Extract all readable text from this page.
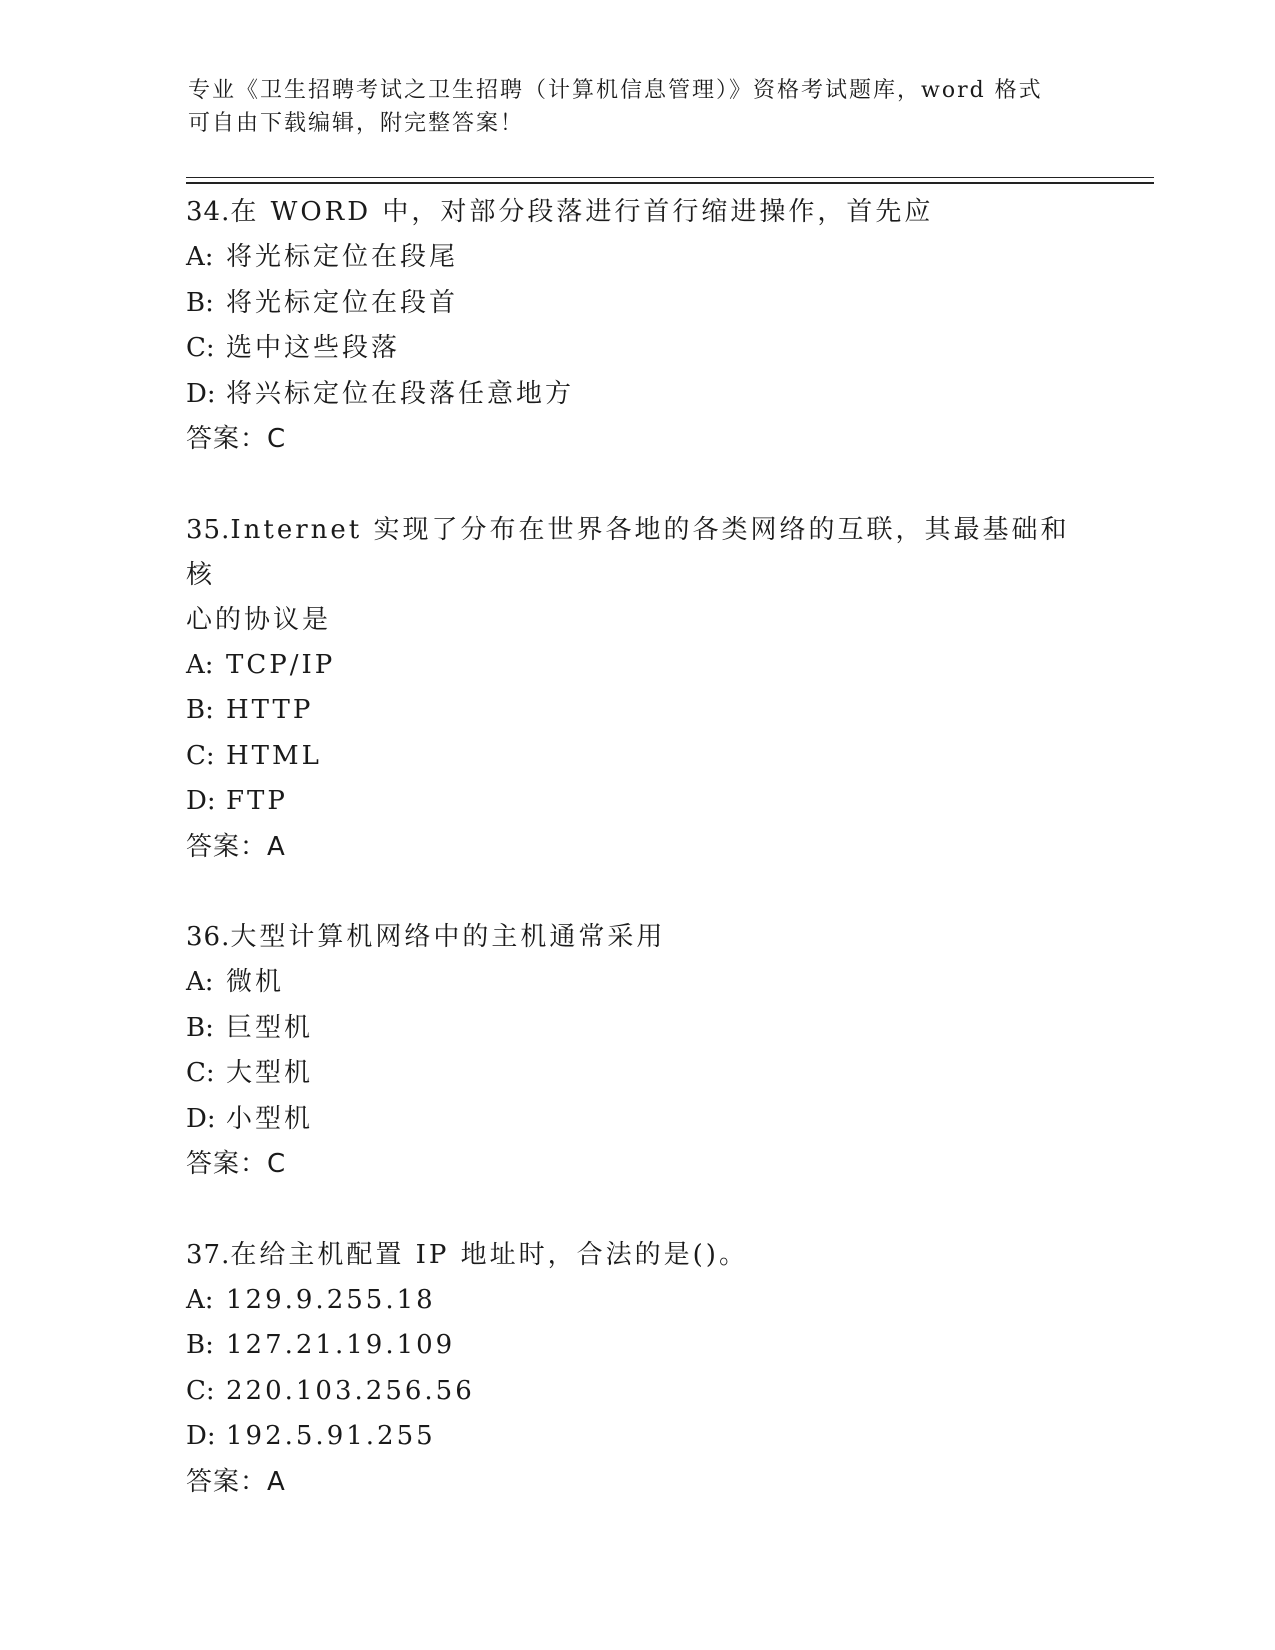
专业《卫生招聘考试之卫生招聘（计算机信息管理）》资格考试题库，word 格式
可自由下载编辑，附完整答案！
34.在 WORD 中，对部分段落进行首行缩进操作，首先应
A: 将光标定位在段尾
B: 将光标定位在段首
C: 选中这些段落
D: 将兴标定位在段落任意地方
答案：C
35.Internet 实现了分布在世界各地的各类网络的互联，其最基础和核
心的协议是
A: TCP/IP
B: HTTP
C: HTML
D: FTP
答案：A
36.大型计算机网络中的主机通常采用
A: 微机
B: 巨型机
C: 大型机
D: 小型机
答案：C
37.在给主机配置 IP 地址时，合法的是()。
A: 129.9.255.18
B: 127.21.19.109
C: 220.103.256.56
D: 192.5.91.255
答案：A
